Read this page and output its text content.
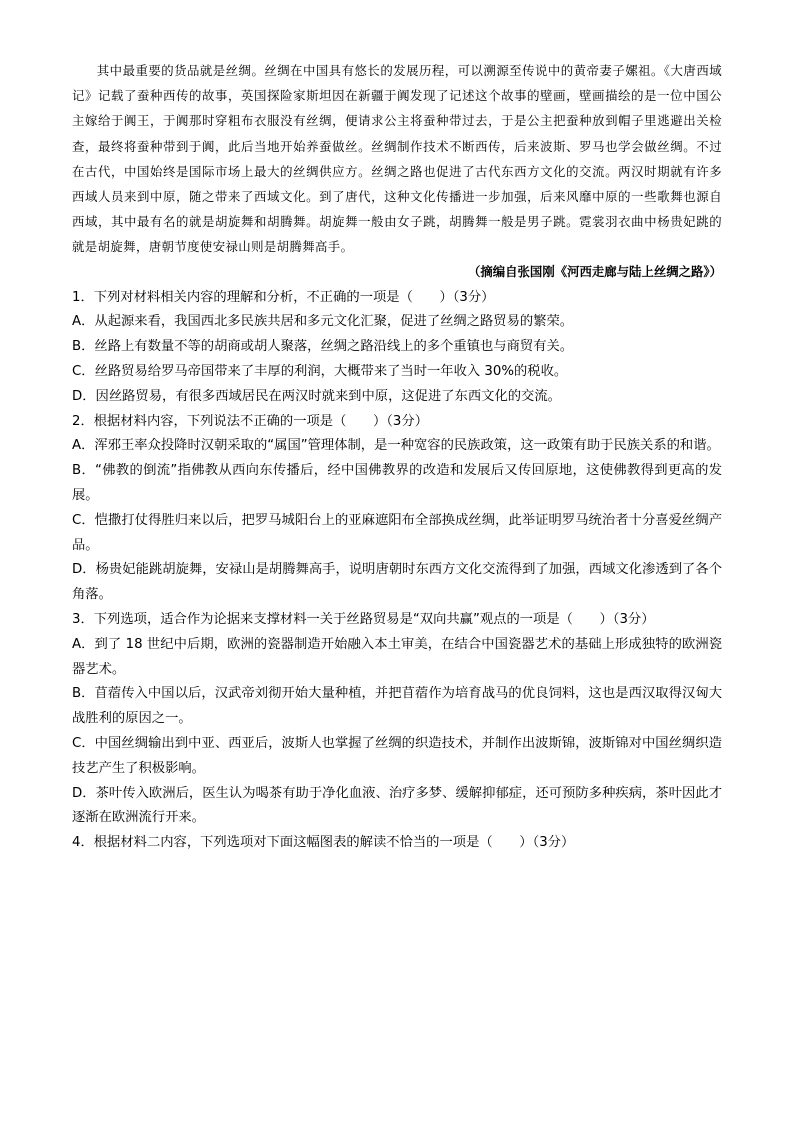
其中最重要的货品就是丝绸。丝绸在中国具有悠长的发展历程，可以溯源至传说中的黄帝妻子嫘祖。《大唐西域记》记载了蚕种西传的故事，英国探险家斯坦因在新疆于阗发现了记述这个故事的壁画，壁画描绘的是一位中国公主嫁给于阗王，于阗那时穿粗布衣服没有丝绸，便请求公主将蚕种带过去，于是公主把蚕种放到帽子里逃避出关检查，最终将蚕种带到于阗，此后当地开始养蚕做丝。丝绸制作技术不断西传，后来波斯、罗马也学会做丝绸。不过在古代，中国始终是国际市场上最大的丝绸供应方。丝绸之路也促进了古代东西方文化的交流。两汉时期就有许多西域人员来到中原，随之带来了西域文化。到了唐代，这种文化传播进一步加强，后来风靡中原的一些歌舞也源自西域，其中最有名的就是胡旋舞和胡腾舞。胡旋舞一般由女子跳，胡腾舞一般是男子跳。霓裳羽衣曲中杨贵妃跳的就是胡旋舞，唐朝节度使安禄山则是胡腾舞高手。

（摘编自张国刚《河西走廊与陆上丝绸之路》）

1．下列对材料相关内容的理解和分析，不正确的一项是（　　）（3分）

A．从起源来看，我国西北多民族共居和多元文化汇聚，促进了丝绸之路贸易的繁荣。

B．丝路上有数量不等的胡商或胡人聚落，丝绸之路沿线上的多个重镇也与商贸有关。

C．丝路贸易给罗马帝国带来了丰厚的利润，大概带来了当时一年收入 30%的税收。

D．因丝路贸易，有很多西域居民在两汉时就来到中原，这促进了东西文化的交流。

2．根据材料内容，下列说法不正确的一项是（　　）（3分）

A．浑邪王率众投降时汉朝采取的“属国”管理体制，是一种宽容的民族政策，这一政策有助于民族关系的和谐。

B．“佛教的倒流”指佛教从西向东传播后，经中国佛教界的改造和发展后又传回原地，这使佛教得到更高的发展。

C．恺撒打仗得胜归来以后，把罗马城阳台上的亚麻遮阳布全部换成丝绸，此举证明罗马统治者十分喜爱丝绸产品。

D．杨贵妃能跳胡旋舞，安禄山是胡腾舞高手，说明唐朝时东西方文化交流得到了加强，西域文化渗透到了各个角落。

3．下列选项，适合作为论据来支撑材料一关于丝路贸易是“双向共赢”观点的一项是（　　）（3分）

A．到了 18 世纪中后期，欧洲的瓷器制造开始融入本土审美，在结合中国瓷器艺术的基础上形成独特的欧洲瓷器艺术。

B．苜蓿传入中国以后，汉武帝刘彻开始大量种植，并把苜蓿作为培育战马的优良饲料，这也是西汉取得汉匈大战胜利的原因之一。

C．中国丝绸输出到中亚、西亚后，波斯人也掌握了丝绸的织造技术，并制作出波斯锦，波斯锦对中国丝绸织造技艺产生了积极影响。

D．茶叶传入欧洲后，医生认为喝茶有助于净化血液、治疗多梦、缓解抑郁症，还可预防多种疾病，茶叶因此才逐渐在欧洲流行开来。

4．根据材料二内容，下列选项对下面这幅图表的解读不恰当的一项是（　　）（3分）
